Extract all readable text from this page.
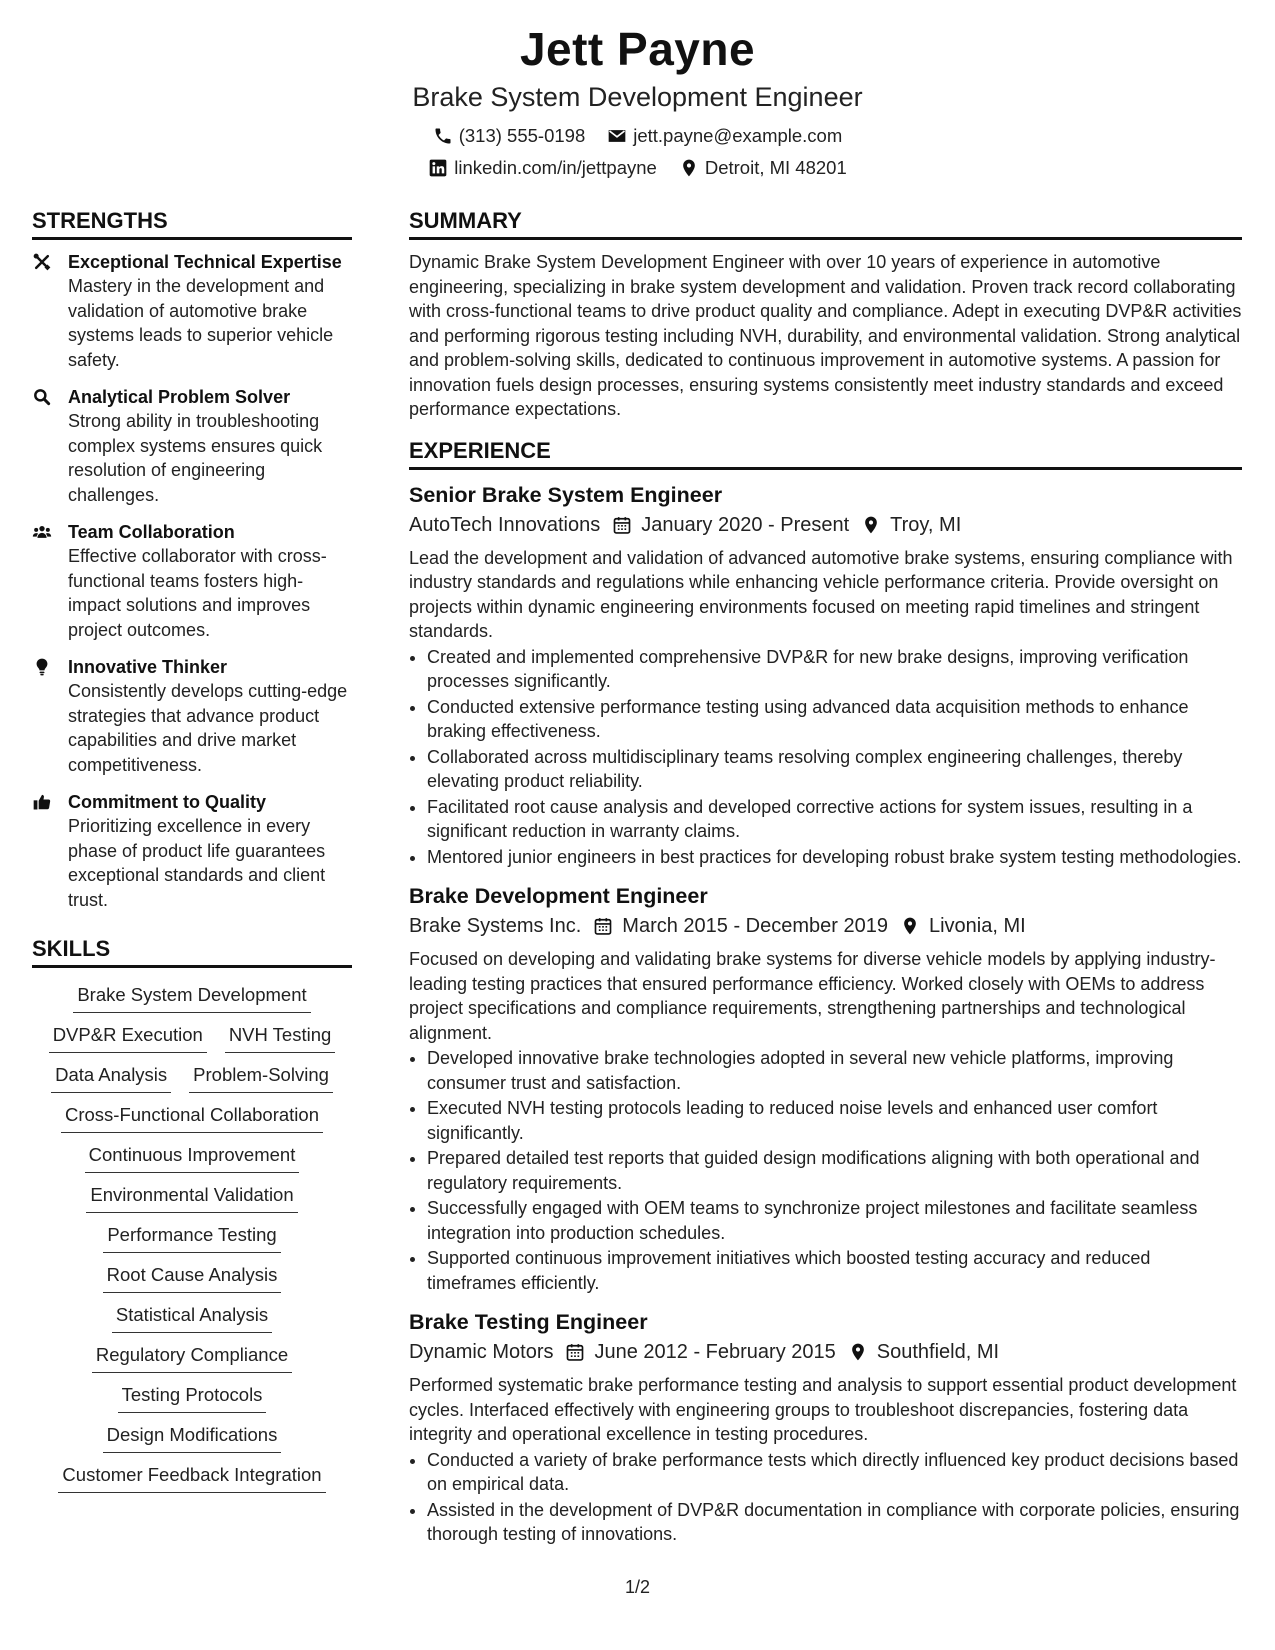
Jett Payne
Brake System Development Engineer
(313) 555-0198	jett.payne@example.com
linkedin.com/in/jettpayne	Detroit, MI 48201
STRENGTHS
Exceptional Technical Expertise
Mastery in the development and validation of automotive brake systems leads to superior vehicle safety.
Analytical Problem Solver
Strong ability in troubleshooting complex systems ensures quick resolution of engineering challenges.
Team Collaboration
Effective collaborator with cross-functional teams fosters high-impact solutions and improves project outcomes.
Innovative Thinker
Consistently develops cutting-edge strategies that advance product capabilities and drive market competitiveness.
Commitment to Quality
Prioritizing excellence in every phase of product life guarantees exceptional standards and client trust.
SKILLS
Brake System Development
DVP&R Execution NVH Testing
Data Analysis Problem-Solving
Cross-Functional Collaboration
Continuous Improvement
Environmental Validation
Performance Testing
Root Cause Analysis
Statistical Analysis
Regulatory Compliance
Testing Protocols
Design Modifications
Customer Feedback Integration
SUMMARY

Dynamic Brake System Development Engineer with over 10 years of experience in automotive engineering, specializing in brake system development and validation. Proven track record collaborating with cross-functional teams to drive product quality and compliance. Adept in executing DVP&R activities and performing rigorous testing including NVH, durability, and environmental validation. Strong analytical and problem-solving skills, dedicated to continuous improvement in automotive systems. A passion for innovation fuels design processes, ensuring systems consistently meet industry standards and exceed performance expectations.

EXPERIENCE
Senior Brake System Engineer
AutoTech Innovations January 2020 - Present Troy, MI

Lead the development and validation of advanced automotive brake systems, ensuring compliance with industry standards and regulations while enhancing vehicle performance criteria. Provide oversight on projects within dynamic engineering environments focused on meeting rapid timelines and stringent standards.

• Created and implemented comprehensive DVP&R for new brake designs, improving verification processes significantly.
• Conducted extensive performance testing using advanced data acquisition methods to enhance braking effectiveness.
• Collaborated across multidisciplinary teams resolving complex engineering challenges, thereby elevating product reliability.
• Facilitated root cause analysis and developed corrective actions for system issues, resulting in a significant reduction in warranty claims.
• Mentored junior engineers in best practices for developing robust brake system testing methodologies.
Brake Development Engineer
Brake Systems Inc. March 2015 - December 2019 Livonia, MI

Focused on developing and validating brake systems for diverse vehicle models by applying industry-leading testing practices that ensured performance efficiency. Worked closely with OEMs to address project specifications and compliance requirements, strengthening partnerships and technological alignment.

• Developed innovative brake technologies adopted in several new vehicle platforms, improving consumer trust and satisfaction.
• Executed NVH testing protocols leading to reduced noise levels and enhanced user comfort significantly.
• Prepared detailed test reports that guided design modifications aligning with both operational and regulatory requirements.
• Successfully engaged with OEM teams to synchronize project milestones and facilitate seamless integration into production schedules.
• Supported continuous improvement initiatives which boosted testing accuracy and reduced timeframes efficiently.
Brake Testing Engineer
Dynamic Motors June 2012 - February 2015 Southfield, MI

Performed systematic brake performance testing and analysis to support essential product development cycles. Interfaced effectively with engineering groups to troubleshoot discrepancies, fostering data integrity and operational excellence in testing procedures.

• Conducted a variety of brake performance tests which directly influenced key product decisions based on empirical data.
• Assisted in the development of DVP&R documentation in compliance with corporate policies, ensuring thorough testing of innovations.
1/2
